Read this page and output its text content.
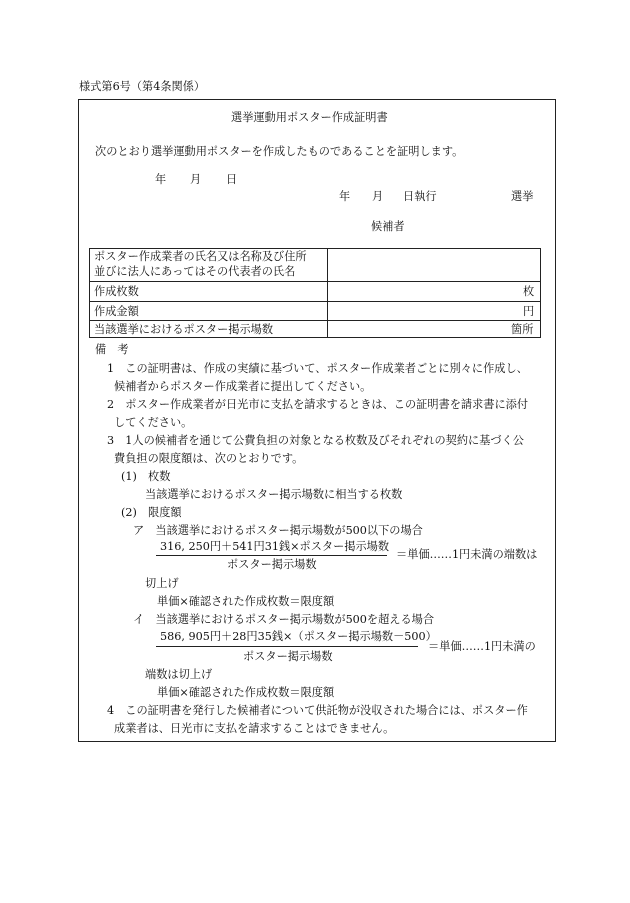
様式第6号（第4条関係）
選挙運動用ポスター作成証明書
次のとおり選挙運動用ポスターを作成したものであることを証明します。
年 月 日
年 月 日執行	選挙
候補者
ポスター作成業者の氏名又は名称及び住所
並びに法人にあってはその代表者の氏名
作成枚数	枚
作成金額	円
当該選挙におけるポスター掲示場数	箇所
備　考
1　この証明書は、作成の実績に基づいて、ポスター作成業者ごとに別々に作成し、
候補者からポスター作成業者に提出してください。
2　ポスター作成業者が日光市に支払を請求するときは、この証明書を請求書に添付
してください。
3　1人の候補者を通じて公費負担の対象となる枚数及びそれぞれの契約に基づく公
費負担の限度額は、次のとおりです。
(1)　枚数
当該選挙におけるポスター掲示場数に相当する枚数
(2)　限度額
ア　当該選挙におけるポスター掲示場数が500以下の場合
316, 250円＋541円31銭×ポスター掲示場数
ポスター掲示場数
＝単価……1円未満の端数は
切上げ
単価×確認された作成枚数＝限度額
イ　当該選挙におけるポスター掲示場数が500を超える場合
586, 905円＋28円35銭×（ポスター掲示場数－500）
ポスター掲示場数
＝単価……1円未満の
端数は切上げ
単価×確認された作成枚数＝限度額
4　この証明書を発行した候補者について供託物が没収された場合には、ポスター作
成業者は、日光市に支払を請求することはできません。
